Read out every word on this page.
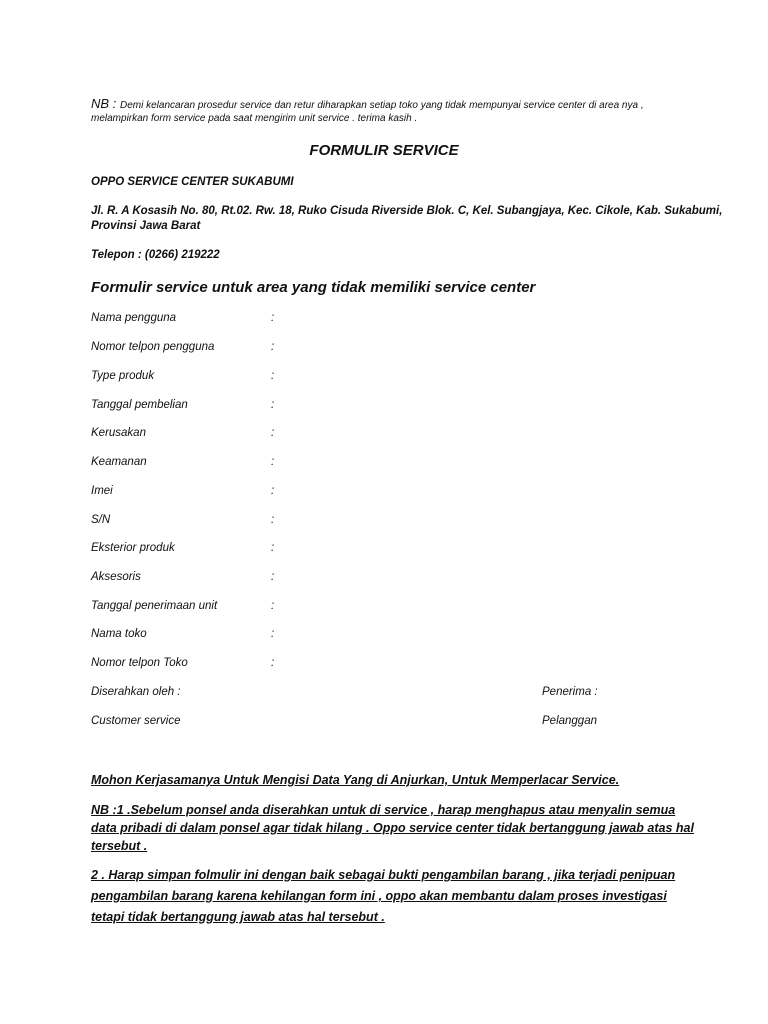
NB : Demi kelancaran prosedur service dan retur diharapkan setiap toko yang tidak mempunyai service center di area nya ,
melampirkan form service pada saat mengirim unit service . terima kasih .
FORMULIR SERVICE
OPPO SERVICE CENTER SUKABUMI
Jl. R. A Kosasih No. 80, Rt.02. Rw. 18, Ruko Cisuda Riverside Blok. C, Kel. Subangjaya, Kec. Cikole, Kab. Sukabumi,
Provinsi Jawa Barat
Telepon : (0266) 219222
Formulir service untuk area yang tidak memiliki service center
Nama pengguna	:
Nomor telpon pengguna	:
Type produk	:
Tanggal pembelian	:
Kerusakan	:
Keamanan	:
Imei	:
S/N	:
Eksterior produk	:
Aksesoris	:
Tanggal penerimaan unit	:
Nama toko	:
Nomor telpon Toko	:
Diserahkan oleh :	Penerima :
Customer service	Pelanggan
Mohon Kerjasamanya Untuk Mengisi Data Yang di Anjurkan, Untuk Memperlacar Service.
NB :1 .Sebelum ponsel anda diserahkan untuk di service , harap menghapus atau menyalin semua
data pribadi di dalam ponsel agar tidak hilang . Oppo service center tidak bertanggung jawab atas hal
tersebut .
2 . Harap simpan folmulir ini dengan baik sebagai bukti pengambilan barang , jika terjadi penipuan
pengambilan barang karena kehilangan form ini , oppo akan membantu dalam proses investigasi
tetapi tidak bertanggung jawab atas hal tersebut .
